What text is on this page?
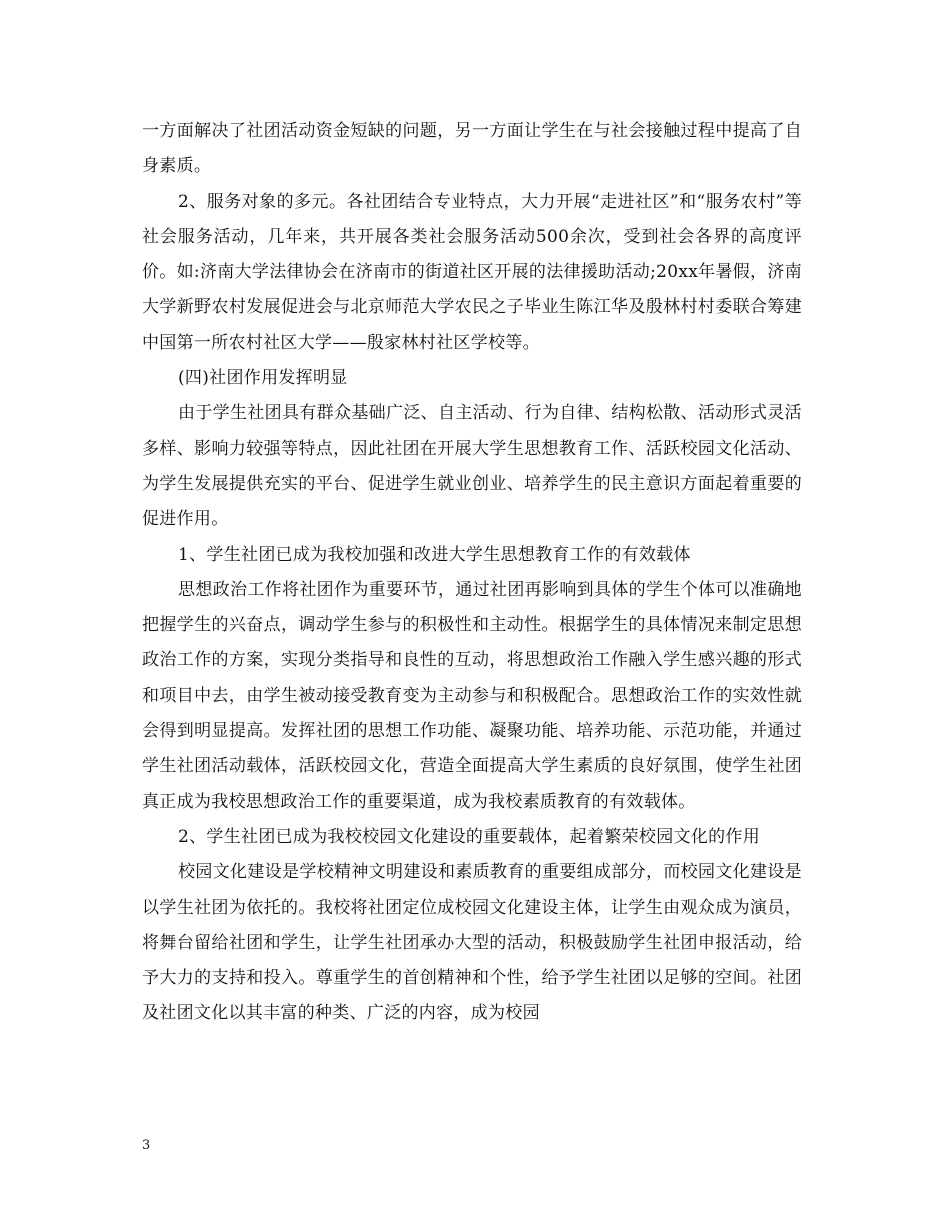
一方面解决了社团活动资金短缺的问题，另一方面让学生在与社会接触过程中提高了自身素质。

2、服务对象的多元。各社团结合专业特点，大力开展“走进社区”和“服务农村”等社会服务活动，几年来，共开展各类社会服务活动500余次，受到社会各界的高度评价。如:济南大学法律协会在济南市的街道社区开展的法律援助活动;20xx年暑假，济南大学新野农村发展促进会与北京师范大学农民之子毕业生陈江华及殷林村村委联合筹建中国第一所农村社区大学——殷家林村社区学校等。

(四)社团作用发挥明显

由于学生社团具有群众基础广泛、自主活动、行为自律、结构松散、活动形式灵活多样、影响力较强等特点，因此社团在开展大学生思想教育工作、活跃校园文化活动、为学生发展提供充实的平台、促进学生就业创业、培养学生的民主意识方面起着重要的促进作用。

1、学生社团已成为我校加强和改进大学生思想教育工作的有效载体

思想政治工作将社团作为重要环节，通过社团再影响到具体的学生个体可以准确地把握学生的兴奋点，调动学生参与的积极性和主动性。根据学生的具体情况来制定思想政治工作的方案，实现分类指导和良性的互动，将思想政治工作融入学生感兴趣的形式和项目中去，由学生被动接受教育变为主动参与和积极配合。思想政治工作的实效性就会得到明显提高。发挥社团的思想工作功能、凝聚功能、培养功能、示范功能，并通过学生社团活动载体，活跃校园文化，营造全面提高大学生素质的良好氛围，使学生社团真正成为我校思想政治工作的重要渠道，成为我校素质教育的有效载体。

2、学生社团已成为我校校园文化建设的重要载体，起着繁荣校园文化的作用

校园文化建设是学校精神文明建设和素质教育的重要组成部分，而校园文化建设是以学生社团为依托的。我校将社团定位成校园文化建设主体，让学生由观众成为演员，将舞台留给社团和学生，让学生社团承办大型的活动，积极鼓励学生社团申报活动，给予大力的支持和投入。尊重学生的首创精神和个性，给予学生社团以足够的空间。社团及社团文化以其丰富的种类、广泛的内容，成为校园

3
